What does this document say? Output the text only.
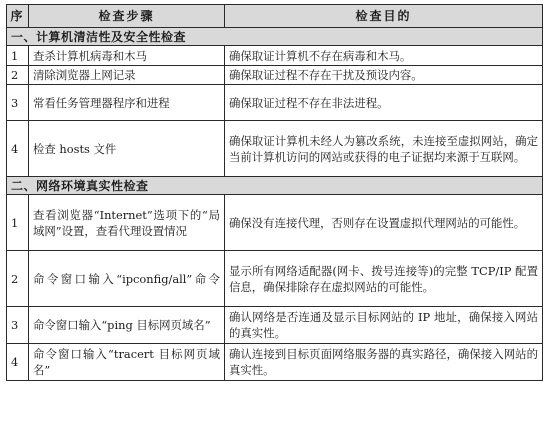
序	检查步骤	检查目的
一、计算机清洁性及安全性检查		
1	查杀计算机病毒和木马	确保取证计算机不存在病毒和木马。
2	清除浏览器上网记录	确保取证过程不存在干扰及预设内容。
3	常看任务管理器程序和进程	确保取证过程不存在非法进程。
4	检查 hosts 文件	确保取证计算机未经人为篡改系统，未连接至虚拟网站，确定当前计算机访问的网站或获得的电子证据均来源于互联网。
二、网络环境真实性检查		
1	查看浏览器“Internet”选项下的“局域网”设置，查看代理设置情况	确保没有连接代理，否则存在设置虚拟代理网站的可能性。
2	命令窗口输入“ipconfig/all”命令	显示所有网络适配器(网卡、拨号连接等)的完整 TCP/IP 配置信息，确保排除存在虚拟网站的可能性。
3	命令窗口输入“ping 目标网页域名”	确认网络是否连通及显示目标网站的 IP 地址，确保接入网站的真实性。
4	命令窗口输入“tracert 目标网页域名”	确认连接到目标页面网络服务器的真实路径，确保接入网站的真实性。
